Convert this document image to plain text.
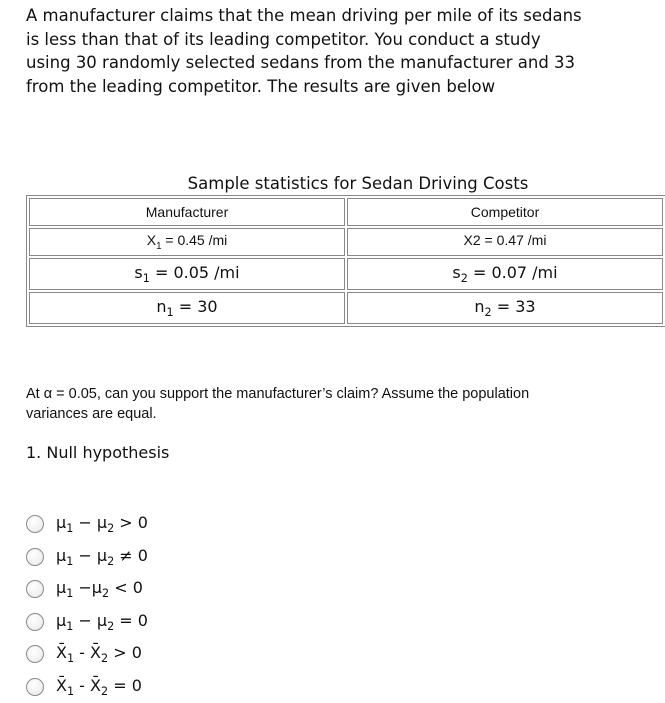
A manufacturer claims that the mean driving per mile of its sedans is less than that of its leading competitor. You conduct a study using 30 randomly selected sedans from the manufacturer and 33 from the leading competitor. The results are given below

Sample statistics for Sedan Driving Costs
Manufacturer	Competitor
$X_1 = 0.45$ /mi	X2 = 0.47 /mi
$s_1 = 0.05$ /mi	$s_2 = 0.07$ /mi
$n_1 = 30$	$n_2 = 33$

At α = 0.05, can you support the manufacturer’s claim? Assume the population variances are equal.

1. Null hypothesis

$\mu_1 - \mu_2 > 0$
$\mu_1 - \mu_2 \ne 0$
$\mu_1 -\mu_2 < 0$
$\mu_1 - \mu_2 = 0$
$X̄_1$ - $X̄_2 > 0$
$X̄_1$ - $X̄_2 = 0$
